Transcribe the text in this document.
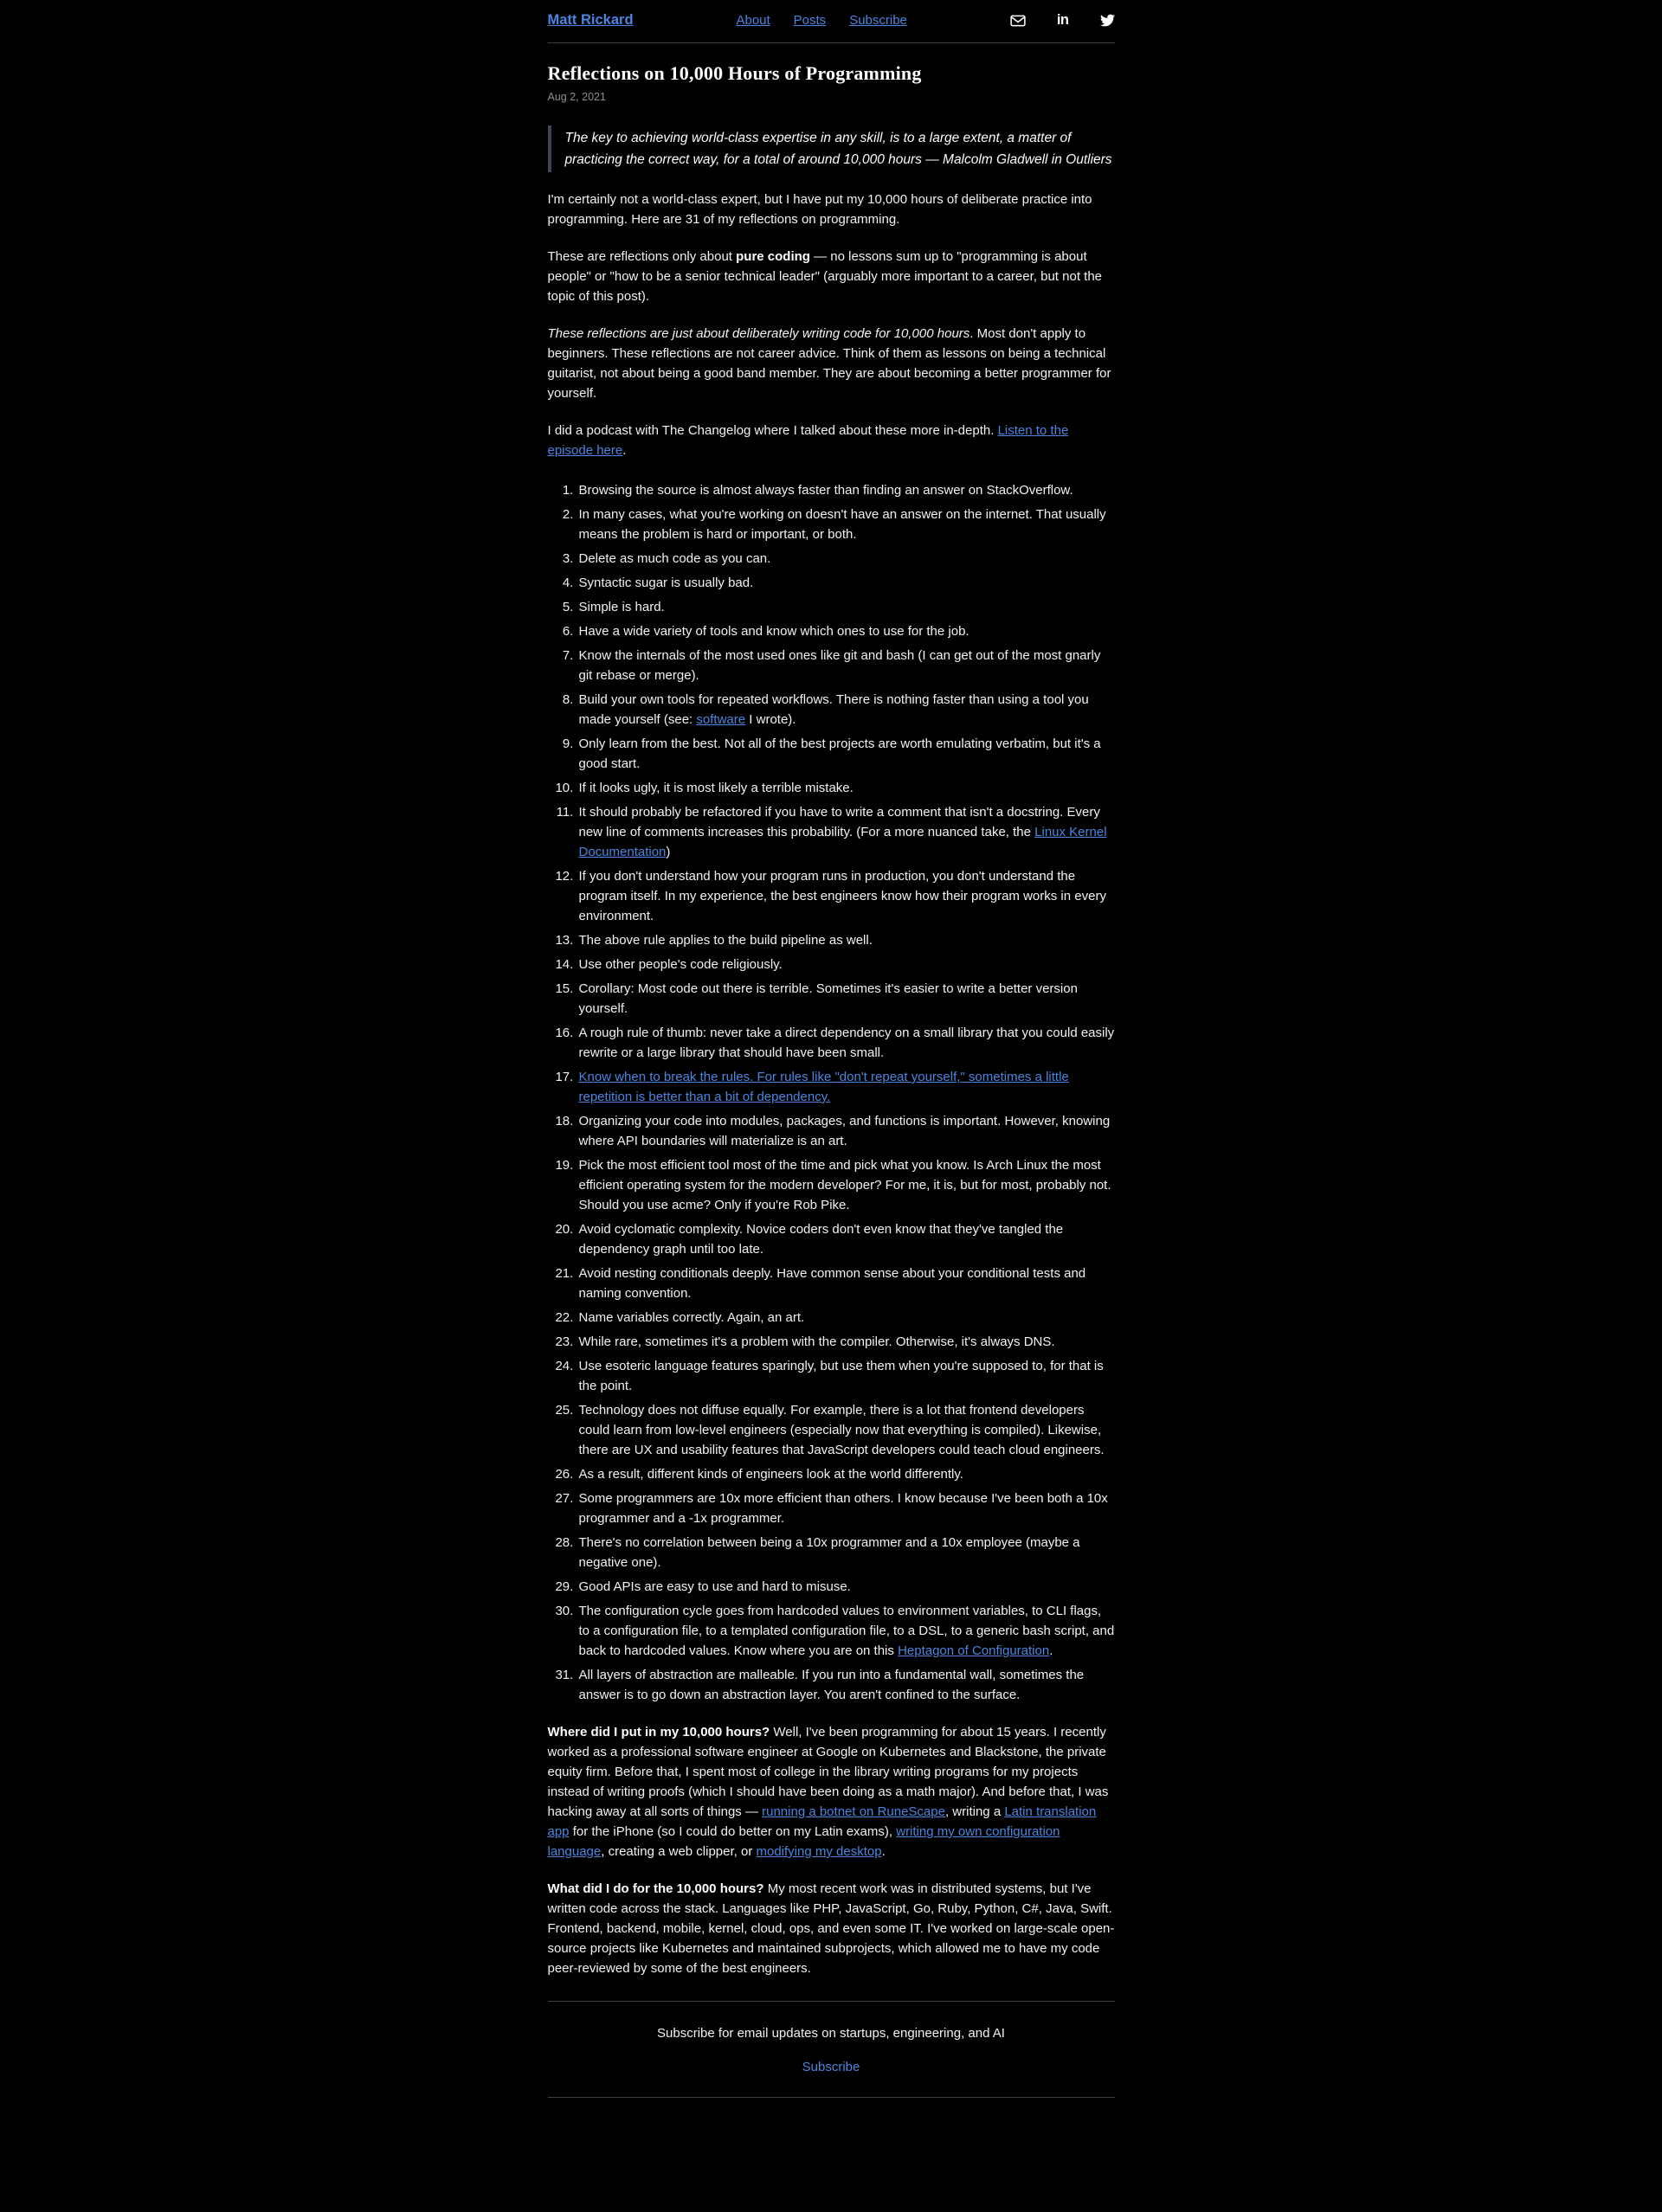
Matt Rickard	About Posts Subscribe	in
Reflections on 10,000 Hours of Programming
Aug 2, 2021
The key to achieving world-class expertise in any skill, is to a large extent, a matter of practicing the correct way, for a total of around 10,000 hours — Malcolm Gladwell in Outliers

I'm certainly not a world-class expert, but I have put my 10,000 hours of deliberate practice into programming. Here are 31 of my reflections on programming.

These are reflections only about pure coding — no lessons sum up to "programming is about people" or "how to be a senior technical leader" (arguably more important to a career, but not the topic of this post).

These reflections are just about deliberately writing code for 10,000 hours. Most don't apply to beginners. These reflections are not career advice. Think of them as lessons on being a technical guitarist, not about being a good band member. They are about becoming a better programmer for yourself.

I did a podcast with The Changelog where I talked about these more in-depth. Listen to the episode here.

1. Browsing the source is almost always faster than finding an answer on StackOverflow.
2. In many cases, what you're working on doesn't have an answer on the internet. That usually means the problem is hard or important, or both.
3. Delete as much code as you can.
4. Syntactic sugar is usually bad.
5. Simple is hard.
6. Have a wide variety of tools and know which ones to use for the job.
7. Know the internals of the most used ones like git and bash (I can get out of the most gnarly git rebase or merge).
8. Build your own tools for repeated workflows. There is nothing faster than using a tool you made yourself (see: software I wrote).
9. Only learn from the best. Not all of the best projects are worth emulating verbatim, but it's a good start.
10. If it looks ugly, it is most likely a terrible mistake.
11. It should probably be refactored if you have to write a comment that isn't a docstring. Every new line of comments increases this probability. (For a more nuanced take, the Linux Kernel Documentation)
12. If you don't understand how your program runs in production, you don't understand the program itself. In my experience, the best engineers know how their program works in every environment.
13. The above rule applies to the build pipeline as well.
14. Use other people's code religiously.
15. Corollary: Most code out there is terrible. Sometimes it's easier to write a better version yourself.
16. A rough rule of thumb: never take a direct dependency on a small library that you could easily rewrite or a large library that should have been small.
17. Know when to break the rules. For rules like "don't repeat yourself," sometimes a little repetition is better than a bit of dependency.
18. Organizing your code into modules, packages, and functions is important. However, knowing where API boundaries will materialize is an art.
19. Pick the most efficient tool most of the time and pick what you know. Is Arch Linux the most efficient operating system for the modern developer? For me, it is, but for most, probably not. Should you use acme? Only if you're Rob Pike.
20. Avoid cyclomatic complexity. Novice coders don't even know that they've tangled the dependency graph until too late.
21. Avoid nesting conditionals deeply. Have common sense about your conditional tests and naming convention.
22. Name variables correctly. Again, an art.
23. While rare, sometimes it's a problem with the compiler. Otherwise, it's always DNS.
24. Use esoteric language features sparingly, but use them when you're supposed to, for that is the point.
25. Technology does not diffuse equally. For example, there is a lot that frontend developers could learn from low-level engineers (especially now that everything is compiled). Likewise, there are UX and usability features that JavaScript developers could teach cloud engineers.
26. As a result, different kinds of engineers look at the world differently.
27. Some programmers are 10x more efficient than others. I know because I've been both a 10x programmer and a -1x programmer.
28. There's no correlation between being a 10x programmer and a 10x employee (maybe a negative one).
29. Good APIs are easy to use and hard to misuse.
30. The configuration cycle goes from hardcoded values to environment variables, to CLI flags, to a configuration file, to a templated configuration file, to a DSL, to a generic bash script, and back to hardcoded values. Know where you are on this Heptagon of Configuration.
31. All layers of abstraction are malleable. If you run into a fundamental wall, sometimes the answer is to go down an abstraction layer. You aren't confined to the surface.

Where did I put in my 10,000 hours? Well, I've been programming for about 15 years. I recently worked as a professional software engineer at Google on Kubernetes and Blackstone, the private equity firm. Before that, I spent most of college in the library writing programs for my projects instead of writing proofs (which I should have been doing as a math major). And before that, I was hacking away at all sorts of things — running a botnet on RuneScape, writing a Latin translation app for the iPhone (so I could do better on my Latin exams), writing my own configuration language, creating a web clipper, or modifying my desktop.

What did I do for the 10,000 hours? My most recent work was in distributed systems, but I've written code across the stack. Languages like PHP, JavaScript, Go, Ruby, Python, C#, Java, Swift. Frontend, backend, mobile, kernel, cloud, ops, and even some IT. I've worked on large-scale open-source projects like Kubernetes and maintained subprojects, which allowed me to have my code peer-reviewed by some of the best engineers.

Subscribe for email updates on startups, engineering, and AI
Subscribe
